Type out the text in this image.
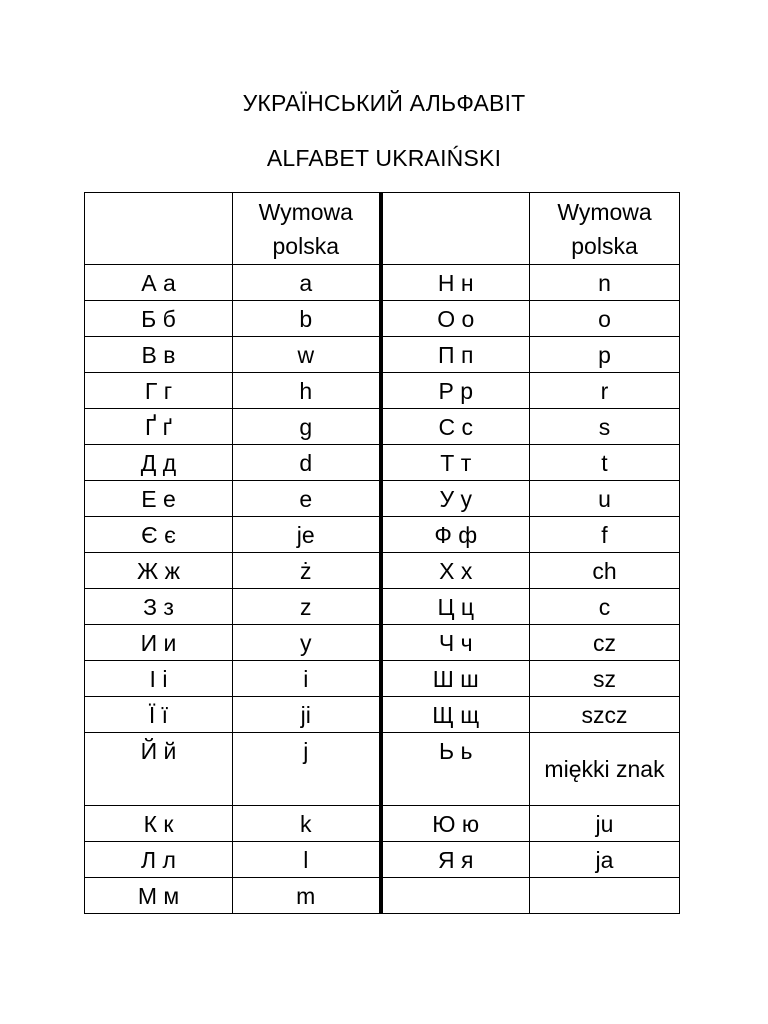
УКРАЇНСЬКИЙ АЛЬФАВІТ
ALFABET UKRAIŃSKI
	Wymowa polska		Wymowa polska
А а	a	Н н	n
Б б	b	О о	o
В в	w	П п	p
Г г	h	Р р	r
Ґ ґ	g	С с	s
Д д	d	Т т	t
Е е	e	У у	u
Є є	je	Ф ф	f
Ж ж	ż	Х х	ch
З з	z	Ц ц	c
И и	y	Ч ч	cz
І і	i	Ш ш	sz
Ї ї	ji	Щ щ	szcz
Й й	j	Ь ь	miękki znak
К к	k	Ю ю	ju
Л л	l	Я я	ja
М м	m		
